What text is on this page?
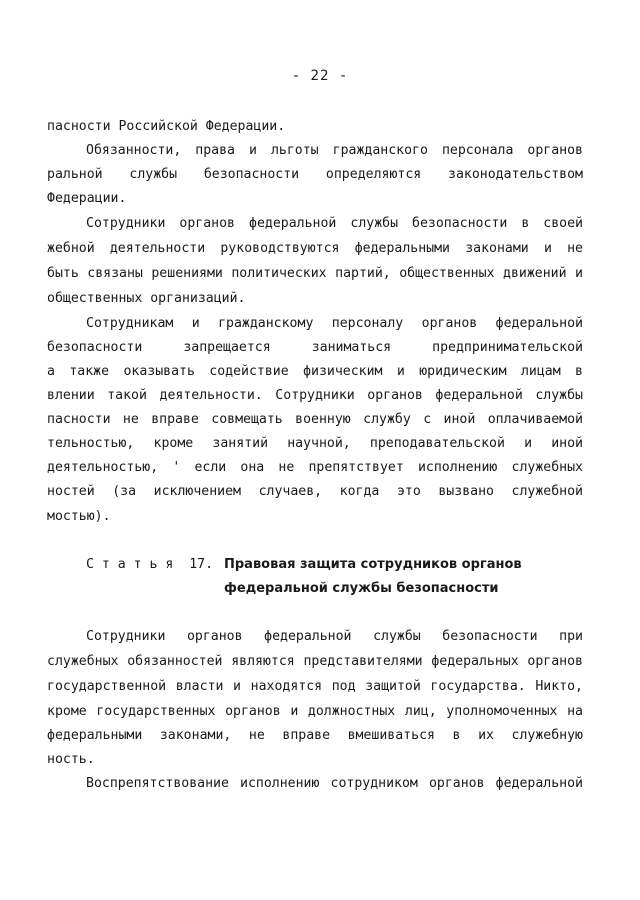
- 22 -
пасности Российской Федерации.
Обязанности, права и льготы гражданского персонала органов
ральной службы безопасности определяются законодательством
Федерации.
Сотрудники органов федеральной службы безопасности в своей
жебной деятельности руководствуются федеральными законами и не
быть связаны решениями политических партий, общественных движений и
общественных организаций.
Сотрудникам и гражданскому персоналу органов федеральной
безопасности запрещается заниматься предпринимательской
а также оказывать содействие физическим и юридическим лицам в
влении такой деятельности. Сотрудники органов федеральной службы
пасности не вправе совмещать военную службу с иной оплачиваемой
тельностью, кроме занятий научной, преподавательской и иной
деятельностью, ' если она не препятствует исполнению служебных
ностей (за исключением случаев, когда это вызвано служебной
мостью).
С т а т ь я  17. Правовая защита сотрудников органов
федеральной службы безопасности
Сотрудники органов федеральной службы безопасности при
служебных обязанностей являются представителями федеральных органов
государственной власти и находятся под защитой государства. Никто,
кроме государственных органов и должностных лиц, уполномоченных на
федеральными законами, не вправе вмешиваться в их служебную
ность.
Воспрепятствование исполнению сотрудником органов федеральной
